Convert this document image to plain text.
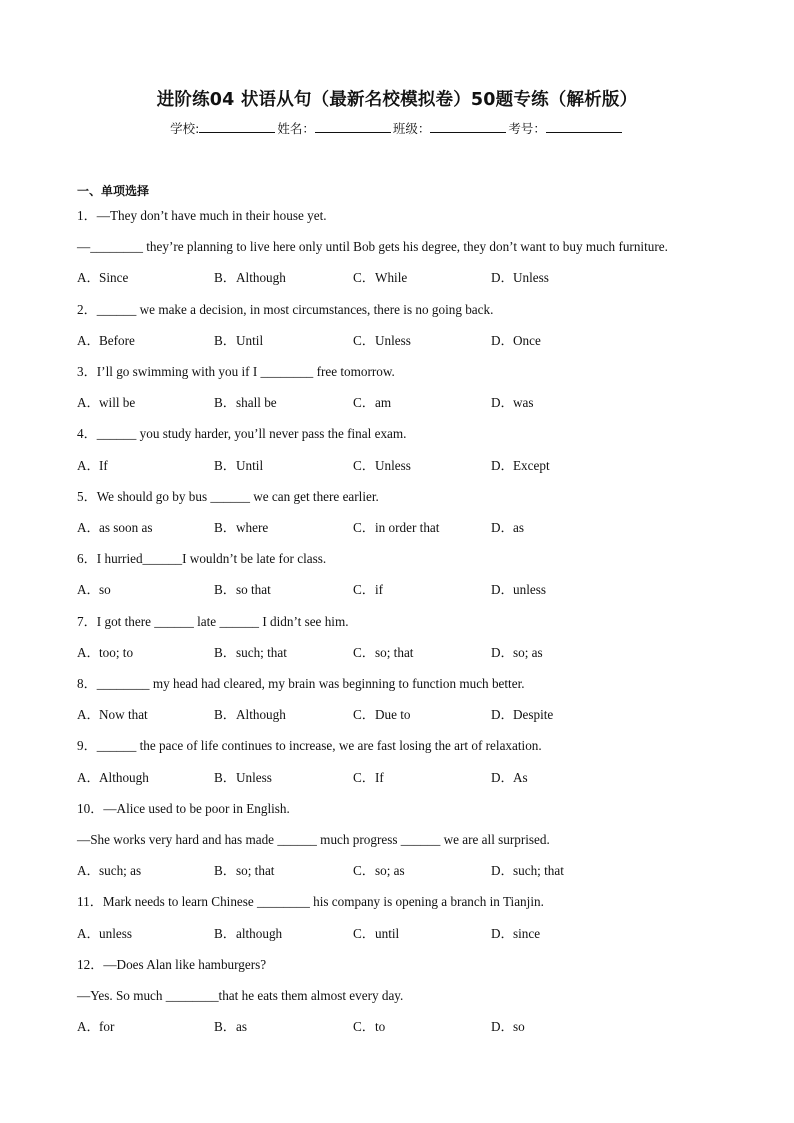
进阶练04 状语从句（最新名校模拟卷）50题专练（解析版）
学校:	姓名：	班级：	考号：
一、单项选择
1．—They don’t have much in their house yet.
—________ they’re planning to live here only until Bob gets his degree, they don’t want to buy much furniture.
A．Since	B．Although	C．While	D．Unless
2．______ we make a decision, in most circumstances, there is no going back.
A．Before	B．Until	C．Unless	D．Once
3．I’ll go swimming with you if I ________ free tomorrow.
A．will be	B．shall be	C．am	D．was
4．______ you study harder, you’ll never pass the final exam.
A．If	B．Until	C．Unless	D．Except
5．We should go by bus ______ we can get there earlier.
A．as soon as	B．where	C．in order that	D．as
6．I hurried______I wouldn’t be late for class.
A．so	B．so that	C．if	D．unless
7．I got there ______ late ______ I didn’t see him.
A．too; to	B．such; that	C．so; that	D．so; as
8．________ my head had cleared, my brain was beginning to function much better.
A．Now that	B．Although	C．Due to	D．Despite
9．______ the pace of life continues to increase, we are fast losing the art of relaxation.
A．Although	B．Unless	C．If	D．As
10．—Alice used to be poor in English.
—She works very hard and has made ______ much progress ______ we are all surprised.
A．such; as	B．so; that	C．so; as	D．such; that
11．Mark needs to learn Chinese ________ his company is opening a branch in Tianjin.
A．unless	B．although	C．until	D．since
12．—Does Alan like hamburgers?
—Yes. So much ________that he eats them almost every day.
A．for	B．as	C．to	D．so
